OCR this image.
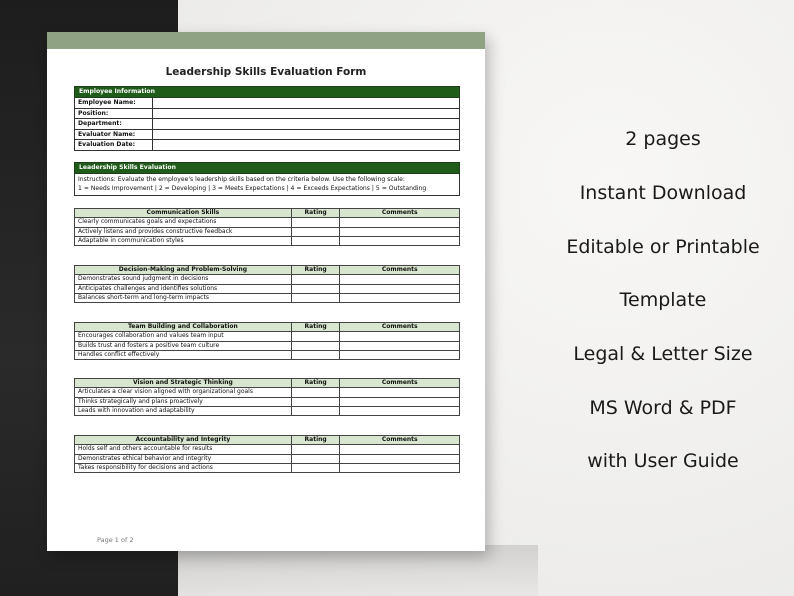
Leadership Skills Evaluation Form
Employee Information
Employee Name:
Position:
Department:
Evaluator Name:
Evaluation Date:
Leadership Skills Evaluation
Instructions: Evaluate the employee's leadership skills based on the criteria below. Use the following scale:
1 = Needs Improvement | 2 = Developing | 3 = Meets Expectations | 4 = Exceeds Expectations | 5 = Outstanding
Communication Skills	Rating	Comments
Clearly communicates goals and expectations		
Actively listens and provides constructive feedback		
Adaptable in communication styles		
Decision-Making and Problem-Solving	Rating	Comments
Demonstrates sound judgment in decisions		
Anticipates challenges and identifies solutions		
Balances short-term and long-term impacts		
Team Building and Collaboration	Rating	Comments
Encourages collaboration and values team input		
Builds trust and fosters a positive team culture		
Handles conflict effectively		
Vision and Strategic Thinking	Rating	Comments
Articulates a clear vision aligned with organizational goals		
Thinks strategically and plans proactively		
Leads with innovation and adaptability		
Accountability and Integrity	Rating	Comments
Holds self and others accountable for results		
Demonstrates ethical behavior and integrity		
Takes responsibility for decisions and actions		
Page 1 of 2
2 pages
Instant Download
Editable or Printable
Template
Legal & Letter Size
MS Word & PDF
with User Guide
